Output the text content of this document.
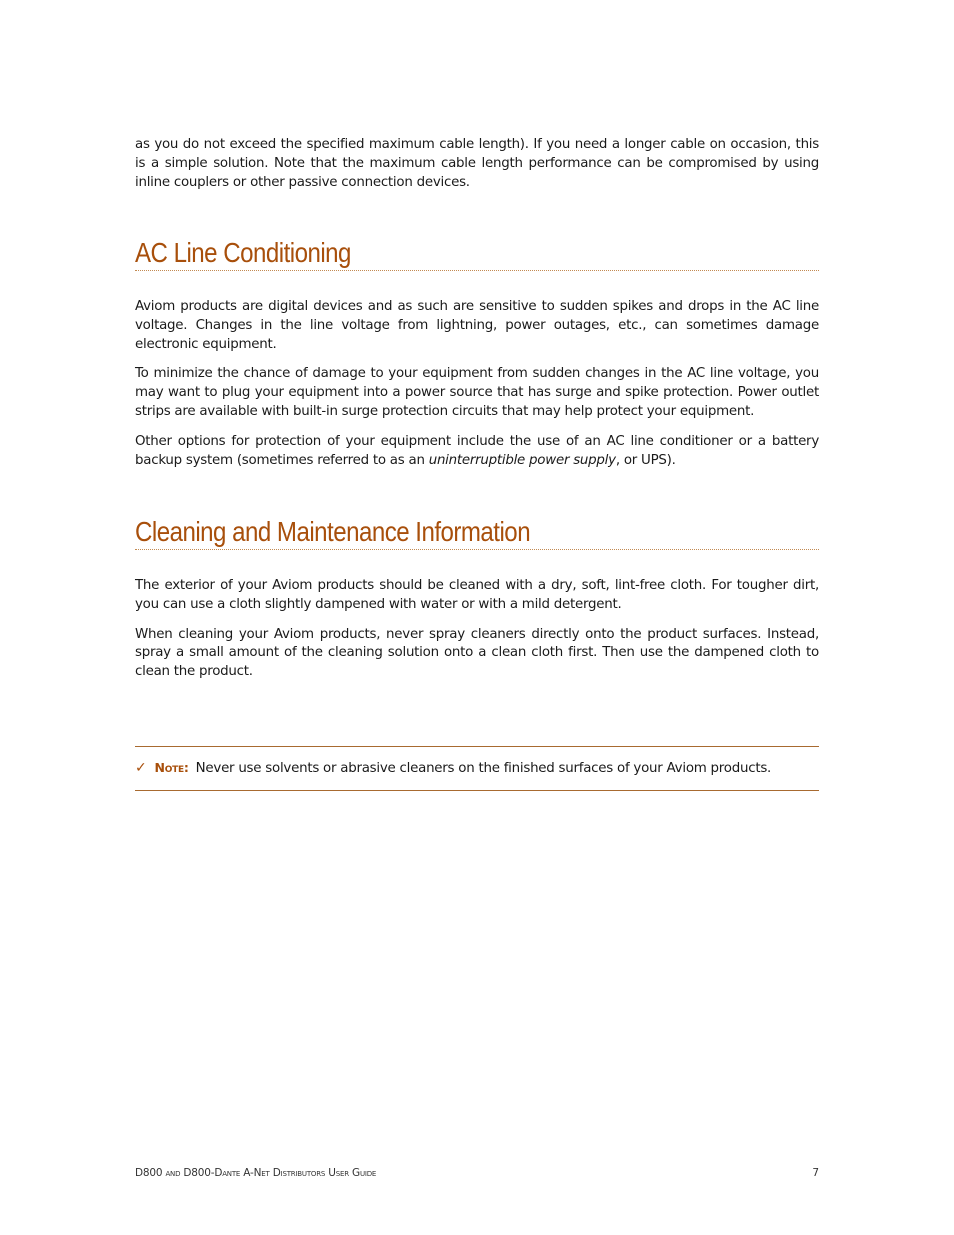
as you do not exceed the specified maximum cable length). If you need a longer cable on occasion, this is a simple solution. Note that the maximum cable length performance can be compromised by using inline couplers or other passive connection devices.

AC Line Conditioning

Aviom products are digital devices and as such are sensitive to sudden spikes and drops in the AC line voltage. Changes in the line voltage from lightning, power outages, etc., can sometimes damage electronic equipment.

To minimize the chance of damage to your equipment from sudden changes in the AC line voltage, you may want to plug your equipment into a power source that has surge and spike protection. Power outlet strips are available with built-in surge protection circuits that may help protect your equipment.

Other options for protection of your equipment include the use of an AC line conditioner or a battery backup system (sometimes referred to as an uninterruptible power supply, or UPS).

Cleaning and Maintenance Information

The exterior of your Aviom products should be cleaned with a dry, soft, lint-free cloth. For tougher dirt, you can use a cloth slightly dampened with water or with a mild detergent.

When cleaning your Aviom products, never spray cleaners directly onto the product surfaces. Instead, spray a small amount of the cleaning solution onto a clean cloth first. Then use the dampened cloth to clean the product.

✓ Note: Never use solvents or abrasive cleaners on the finished surfaces of your Aviom products.
D800 and D800-Dante A-Net Distributors User Guide	7
